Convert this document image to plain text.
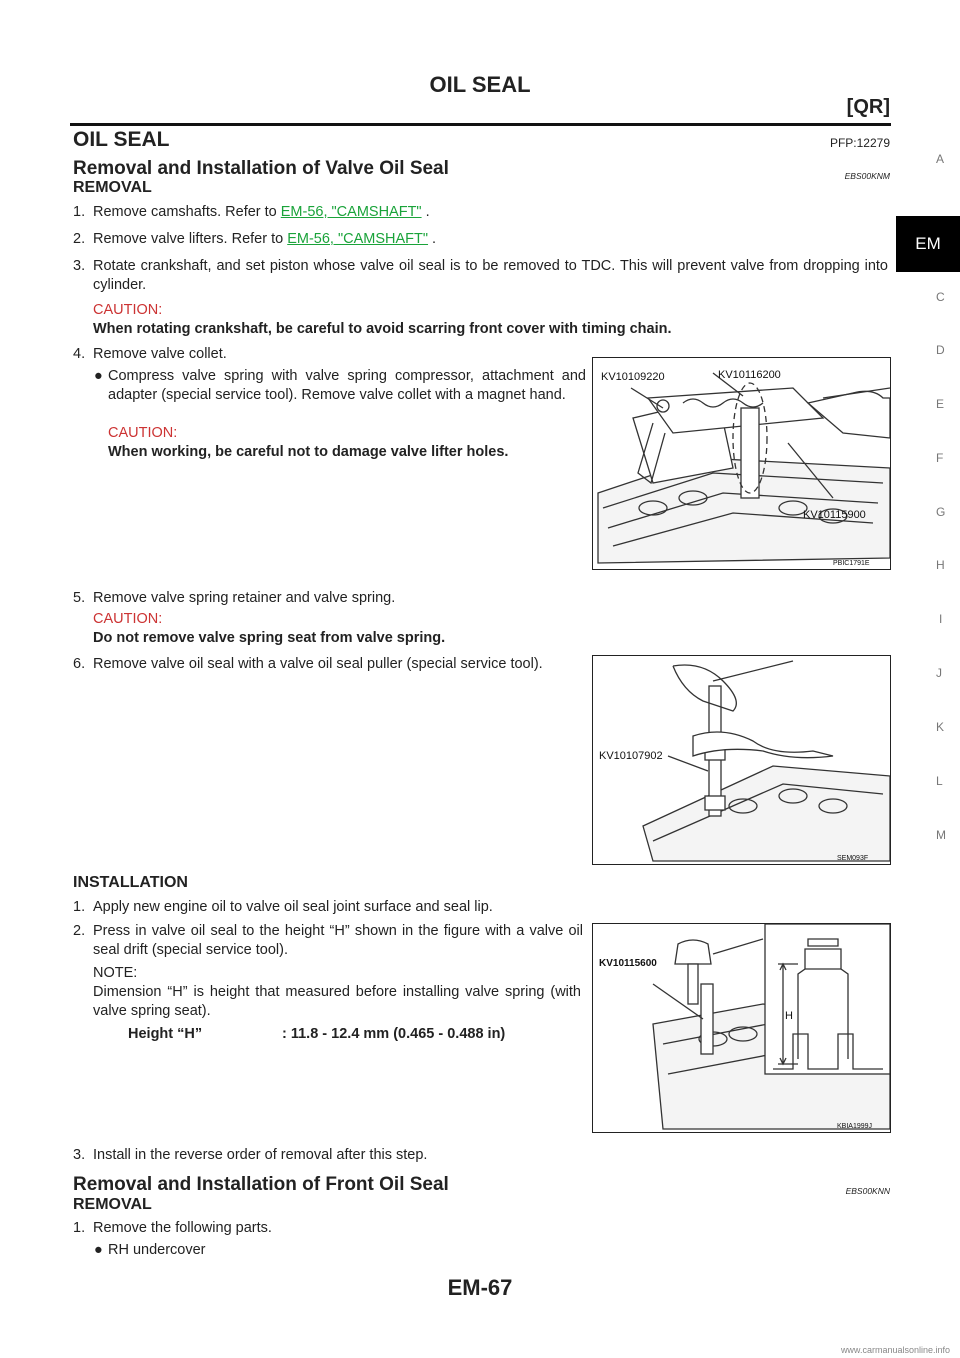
OIL SEAL
[QR]
OIL SEAL	PFP:12279
Removal and Installation of Valve Oil Seal	EBS00KNM
REMOVAL
1. Remove camshafts. Refer to EM-56, "CAMSHAFT" .
2. Remove valve lifters. Refer to EM-56, "CAMSHAFT" .
3. Rotate crankshaft, and set piston whose valve oil seal is to be removed to TDC. This will prevent valve from dropping into cylinder.
CAUTION:
When rotating crankshaft, be careful to avoid scarring front cover with timing chain.
4. Remove valve collet.
● Compress valve spring with valve spring compressor, attachment and adapter (special service tool). Remove valve collet with a magnet hand.
CAUTION:
When working, be careful not to damage valve lifter holes.
KV10109220	KV10116200
KV10115900
PBIC1791E
5. Remove valve spring retainer and valve spring.
CAUTION:
Do not remove valve spring seat from valve spring.
6. Remove valve oil seal with a valve oil seal puller (special service tool).
KV10107902
SEM093F
INSTALLATION
1. Apply new engine oil to valve oil seal joint surface and seal lip.
2. Press in valve oil seal to the height “H” shown in the figure with a valve oil seal drift (special service tool).
NOTE:
Dimension “H” is height that measured before installing valve spring (with valve spring seat).
Height “H”	: 11.8 - 12.4 mm (0.465 - 0.488 in)
KV10115600
H
KBIA1999J
3. Install in the reverse order of removal after this step.
Removal and Installation of Front Oil Seal	EBS00KNN
REMOVAL
1. Remove the following parts.
● RH undercover
EM-67
www.carmanualsonline.info
A
EM
C
D
E
F
G
H
I
J
K
L
M
